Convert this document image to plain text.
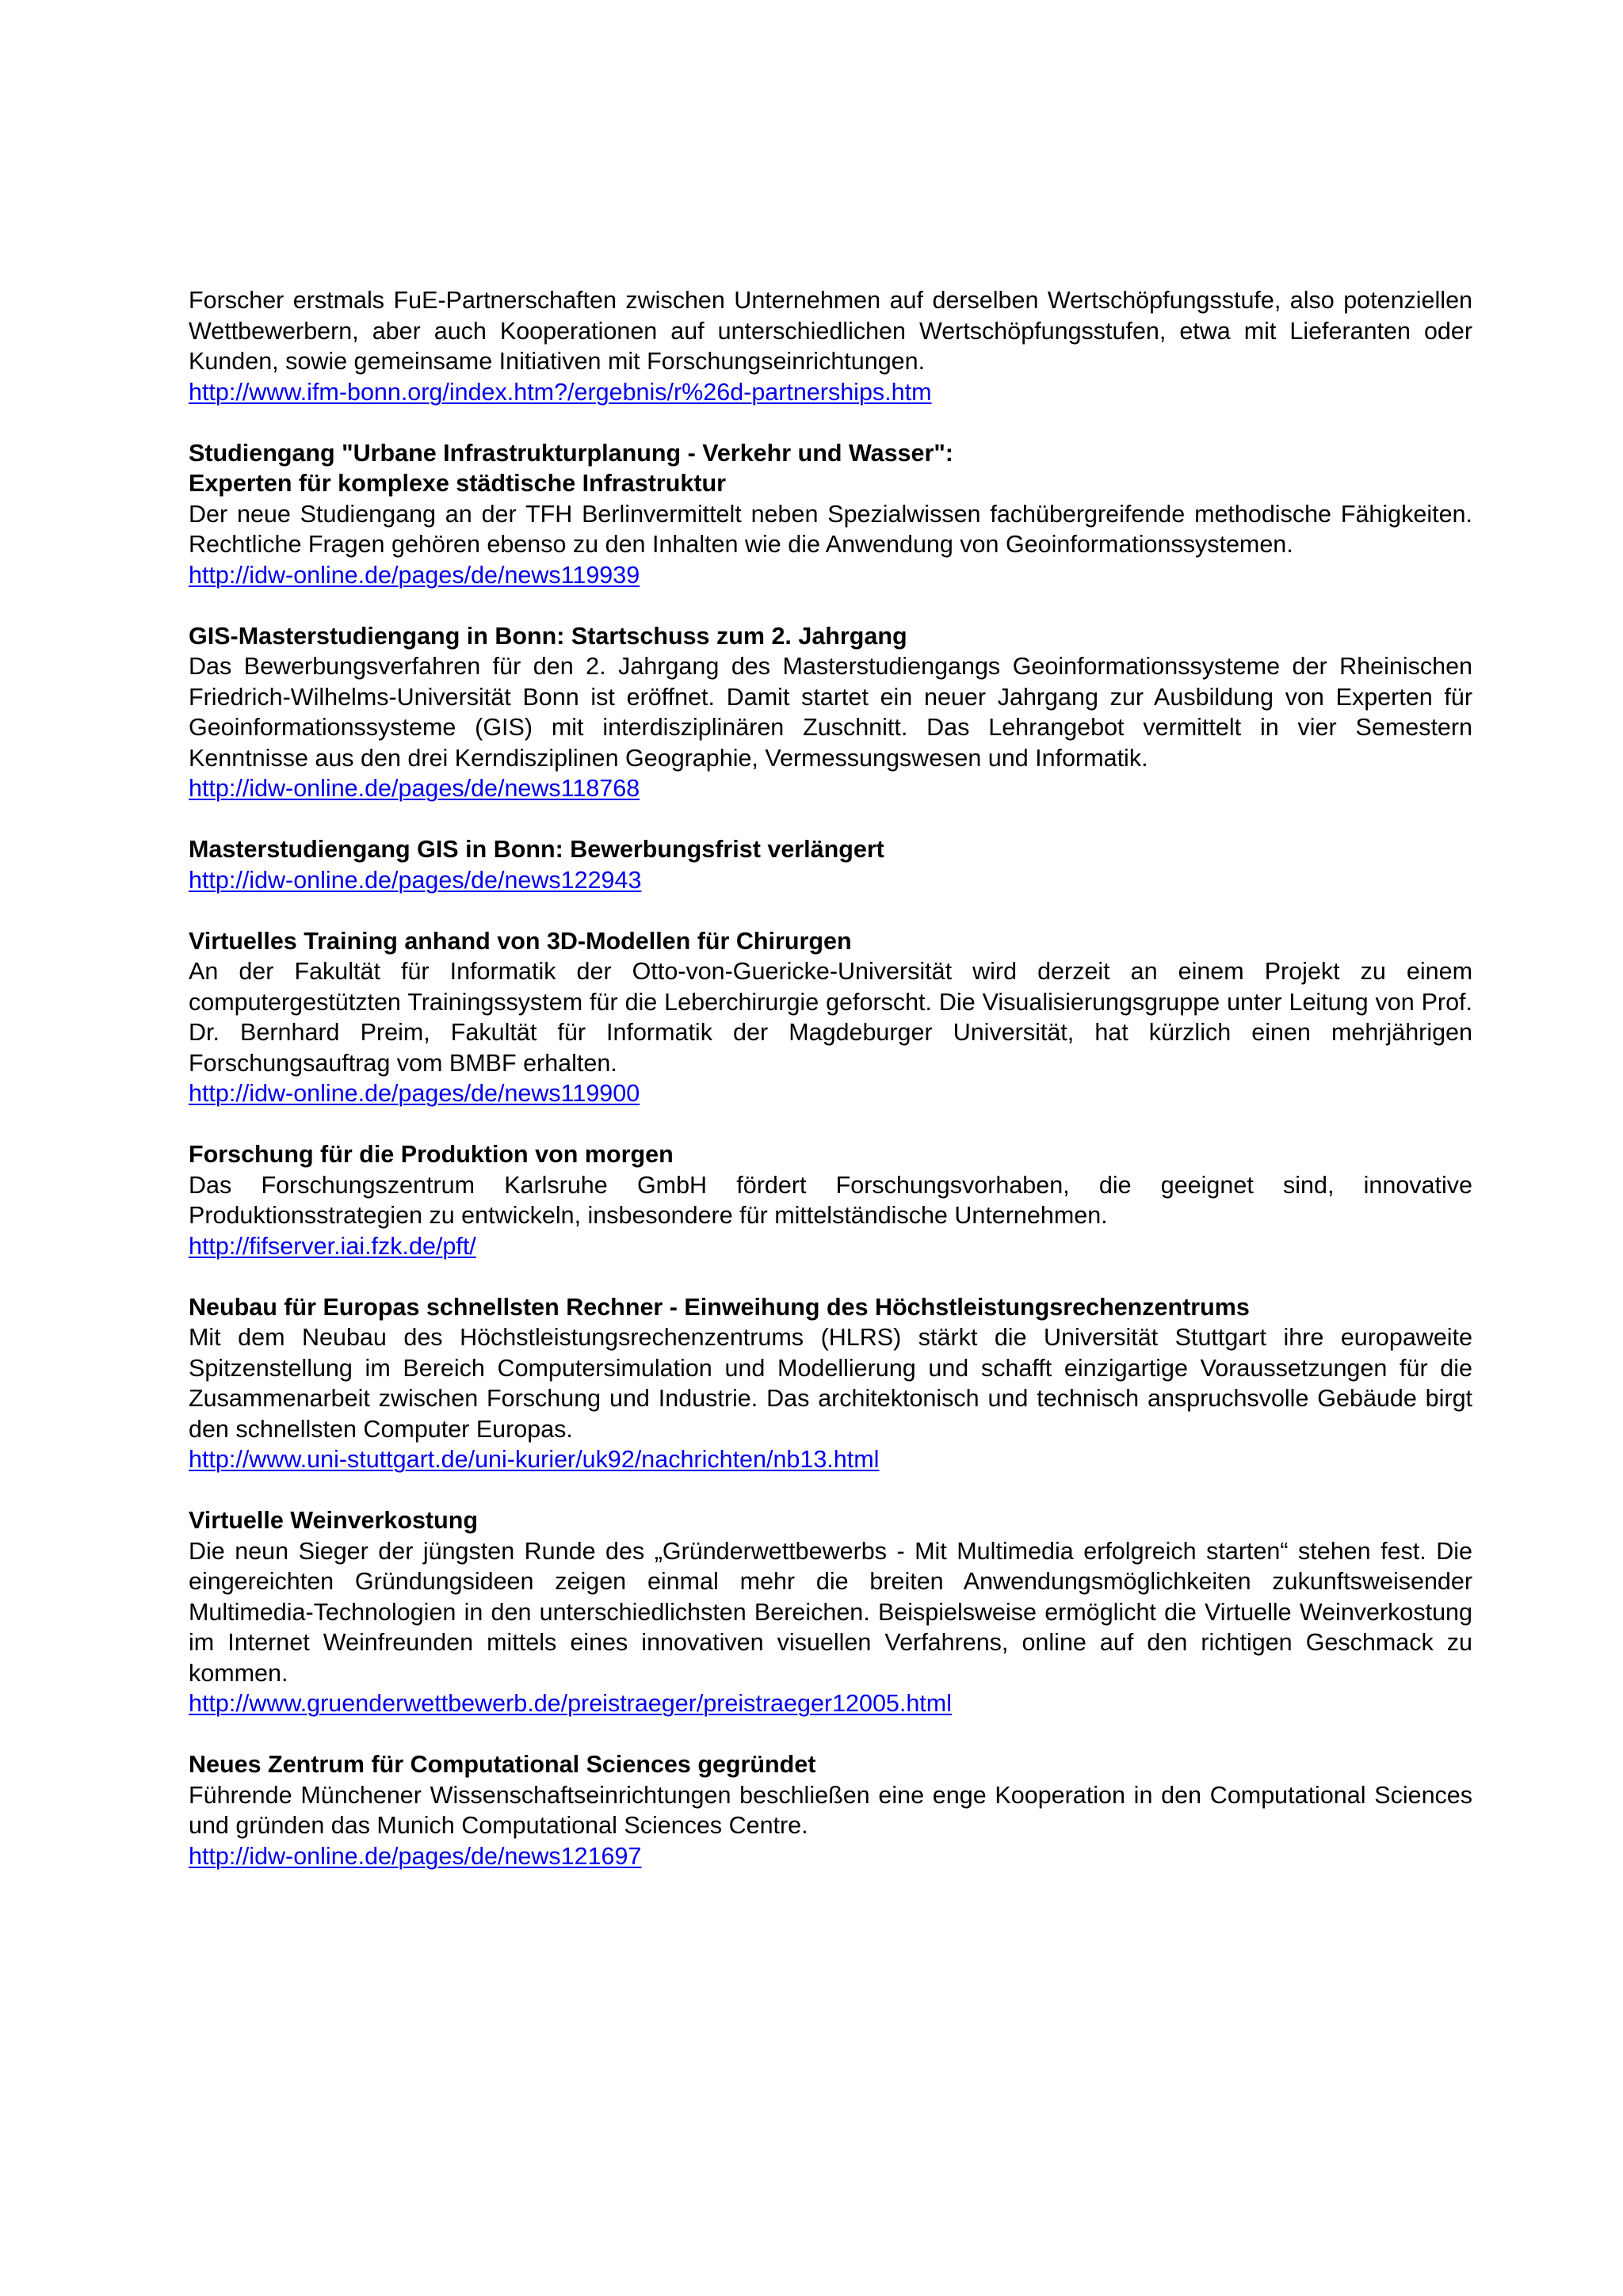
Forscher erstmals FuE-Partnerschaften zwischen Unternehmen auf derselben Wertschöpfungsstufe, also potenziellen Wettbewerbern, aber auch Kooperationen auf unterschiedlichen Wertschöpfungsstufen, etwa mit Lieferanten oder Kunden, sowie gemeinsame Initiativen mit Forschungseinrichtungen.

http://www.ifm-bonn.org/index.htm?/ergebnis/r%26d-partnerships.htm

Studiengang "Urbane Infrastrukturplanung - Verkehr und Wasser":

Experten für komplexe städtische Infrastruktur

Der neue Studiengang an der TFH Berlinvermittelt neben Spezialwissen fachübergreifende methodische Fähigkeiten. Rechtliche Fragen gehören ebenso zu den Inhalten wie die Anwendung von Geoinformationssystemen.

http://idw-online.de/pages/de/news119939

GIS-Masterstudiengang in Bonn: Startschuss zum 2. Jahrgang

Das Bewerbungsverfahren für den 2. Jahrgang des Masterstudiengangs Geoinformationssysteme der Rheinischen Friedrich-Wilhelms-Universität Bonn ist eröffnet. Damit startet ein neuer Jahrgang zur Ausbildung von Experten für Geoinformationssysteme (GIS) mit interdisziplinären Zuschnitt. Das Lehrangebot vermittelt in vier Semestern Kenntnisse aus den drei Kerndisziplinen Geographie, Vermessungswesen und Informatik.

http://idw-online.de/pages/de/news118768

Masterstudiengang GIS in Bonn: Bewerbungsfrist verlängert

http://idw-online.de/pages/de/news122943

Virtuelles Training anhand von 3D-Modellen für Chirurgen

An der Fakultät für Informatik der Otto-von-Guericke-Universität wird derzeit an einem Projekt zu einem computergestützten Trainingssystem für die Leberchirurgie geforscht. Die Visualisierungsgruppe unter Leitung von Prof. Dr. Bernhard Preim, Fakultät für Informatik der Magdeburger Universität, hat kürzlich einen mehrjährigen Forschungsauftrag vom BMBF erhalten.

http://idw-online.de/pages/de/news119900

Forschung für die Produktion von morgen

Das Forschungszentrum Karlsruhe GmbH fördert Forschungsvorhaben, die geeignet sind, innovative Produktionsstrategien zu entwickeln, insbesondere für mittelständische Unternehmen.

http://fifserver.iai.fzk.de/pft/

Neubau für Europas schnellsten Rechner - Einweihung des Höchstleistungsrechenzentrums

Mit dem Neubau des Höchstleistungsrechenzentrums (HLRS) stärkt die Universität Stuttgart ihre europaweite Spitzenstellung im Bereich Computersimulation und Modellierung und schafft einzigartige Voraussetzungen für die Zusammenarbeit zwischen Forschung und Industrie. Das architektonisch und technisch anspruchsvolle Gebäude birgt den schnellsten Computer Europas.

http://www.uni-stuttgart.de/uni-kurier/uk92/nachrichten/nb13.html

Virtuelle Weinverkostung

Die neun Sieger der jüngsten Runde des „Gründerwettbewerbs - Mit Multimedia erfolgreich starten“ stehen fest. Die eingereichten Gründungsideen zeigen einmal mehr die breiten Anwendungsmöglichkeiten zukunftsweisender Multimedia-Technologien in den unterschiedlichsten Bereichen. Beispielsweise ermöglicht die Virtuelle Weinverkostung im Internet Weinfreunden mittels eines innovativen visuellen Verfahrens, online auf den richtigen Geschmack zu kommen.

http://www.gruenderwettbewerb.de/preistraeger/preistraeger12005.html

Neues Zentrum für Computational Sciences gegründet

Führende Münchener Wissenschaftseinrichtungen beschließen eine enge Kooperation in den Computational Sciences und gründen das Munich Computational Sciences Centre.

http://idw-online.de/pages/de/news121697
